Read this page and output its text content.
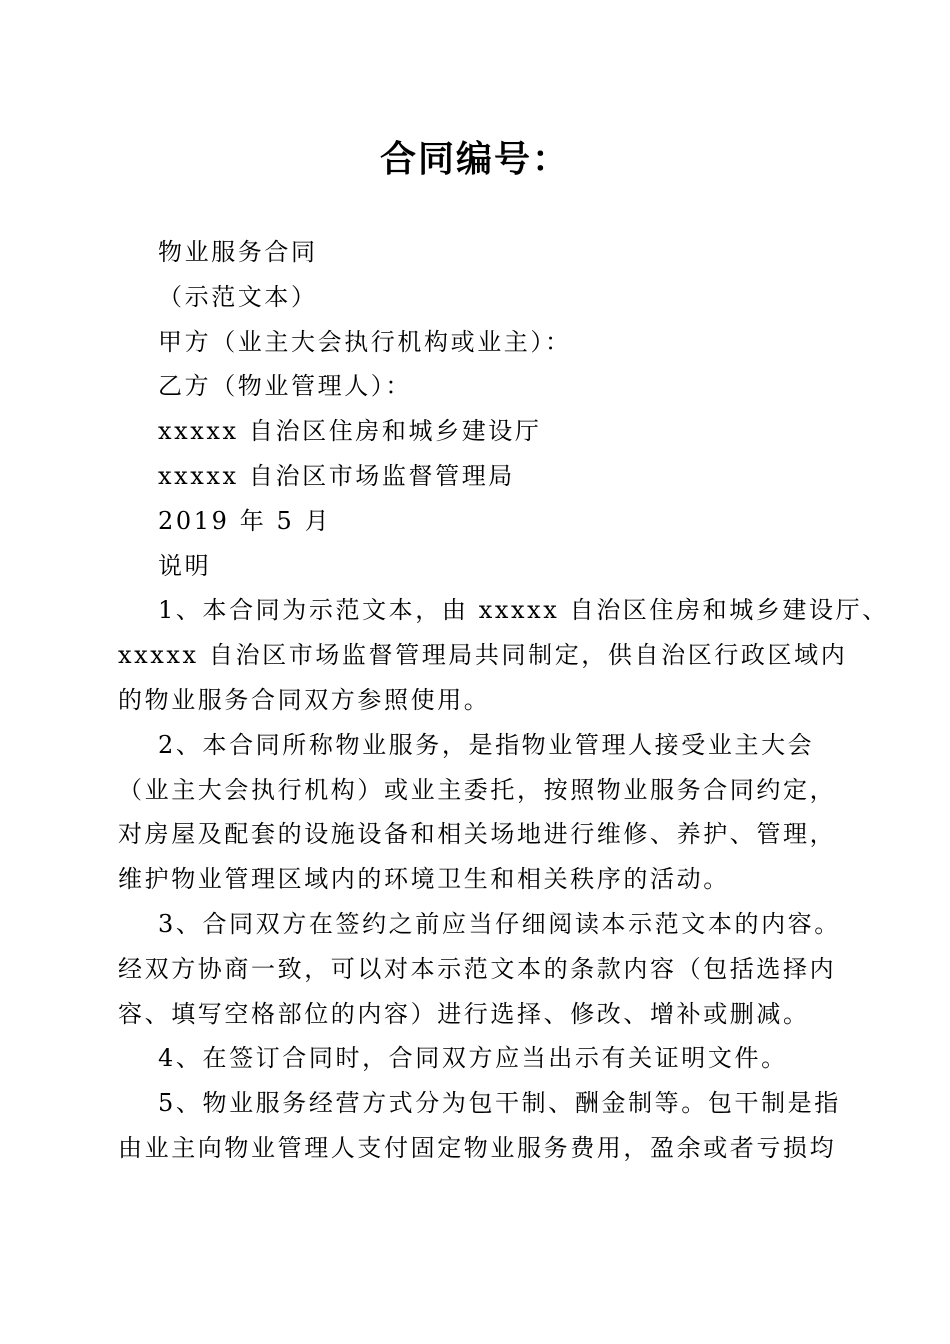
合同编号：
物业服务合同
（示范文本）
甲方（业主大会执行机构或业主）：
乙方（物业管理人）：
xxxxx 自治区住房和城乡建设厅
xxxxx 自治区市场监督管理局
2019 年 5 月
说明
1、本合同为示范文本，由 xxxxx 自治区住房和城乡建设厅、
xxxxx 自治区市场监督管理局共同制定，供自治区行政区域内
的物业服务合同双方参照使用。
2、本合同所称物业服务，是指物业管理人接受业主大会
（业主大会执行机构）或业主委托，按照物业服务合同约定，
对房屋及配套的设施设备和相关场地进行维修、养护、管理，
维护物业管理区域内的环境卫生和相关秩序的活动。
3、合同双方在签约之前应当仔细阅读本示范文本的内容。
经双方协商一致，可以对本示范文本的条款内容（包括选择内
容、填写空格部位的内容）进行选择、修改、增补或删减。
4、在签订合同时，合同双方应当出示有关证明文件。
5、物业服务经营方式分为包干制、酬金制等。包干制是指
由业主向物业管理人支付固定物业服务费用，盈余或者亏损均
